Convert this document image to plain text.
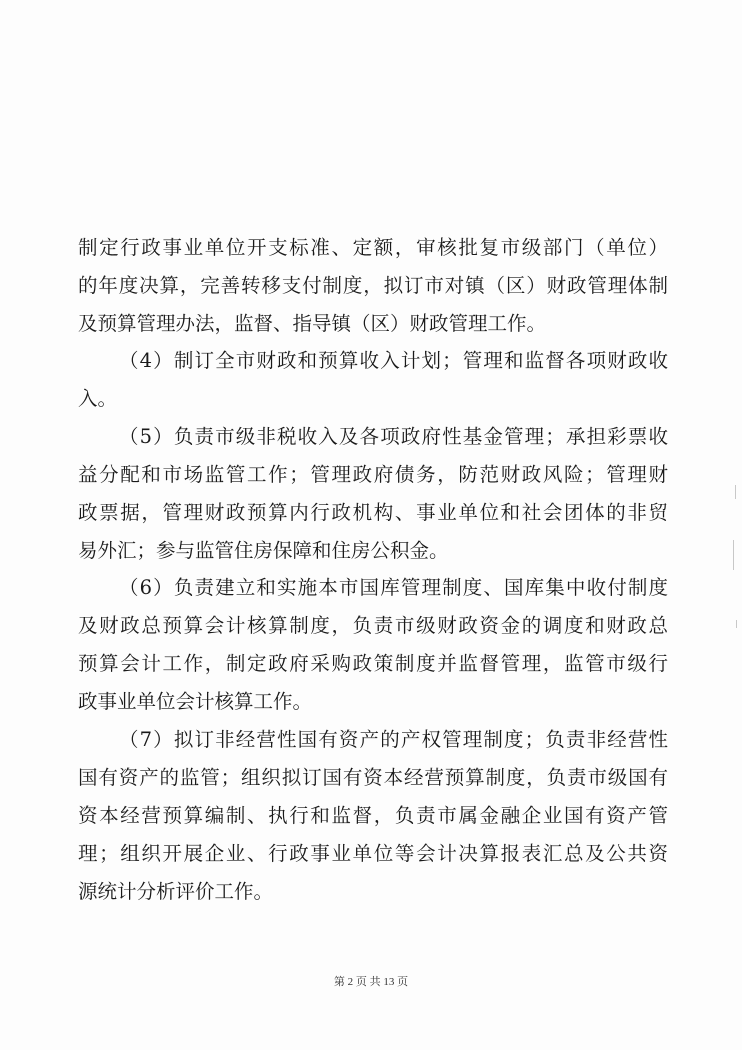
制定行政事业单位开支标准、定额，审核批复市级部门（单位）
的年度决算，完善转移支付制度，拟订市对镇（区）财政管理体制
及预算管理办法，监督、指导镇（区）财政管理工作。
（4）制订全市财政和预算收入计划；管理和监督各项财政收
入。
（5）负责市级非税收入及各项政府性基金管理；承担彩票收
益分配和市场监管工作；管理政府债务，防范财政风险；管理财
政票据，管理财政预算内行政机构、事业单位和社会团体的非贸
易外汇；参与监管住房保障和住房公积金。
（6）负责建立和实施本市国库管理制度、国库集中收付制度
及财政总预算会计核算制度，负责市级财政资金的调度和财政总
预算会计工作，制定政府采购政策制度并监督管理，监管市级行
政事业单位会计核算工作。
（7）拟订非经营性国有资产的产权管理制度；负责非经营性
国有资产的监管；组织拟订国有资本经营预算制度，负责市级国有
资本经营预算编制、执行和监督，负责市属金融企业国有资产管
理；组织开展企业、行政事业单位等会计决算报表汇总及公共资
源统计分析评价工作。
第 2 页 共 13 页
